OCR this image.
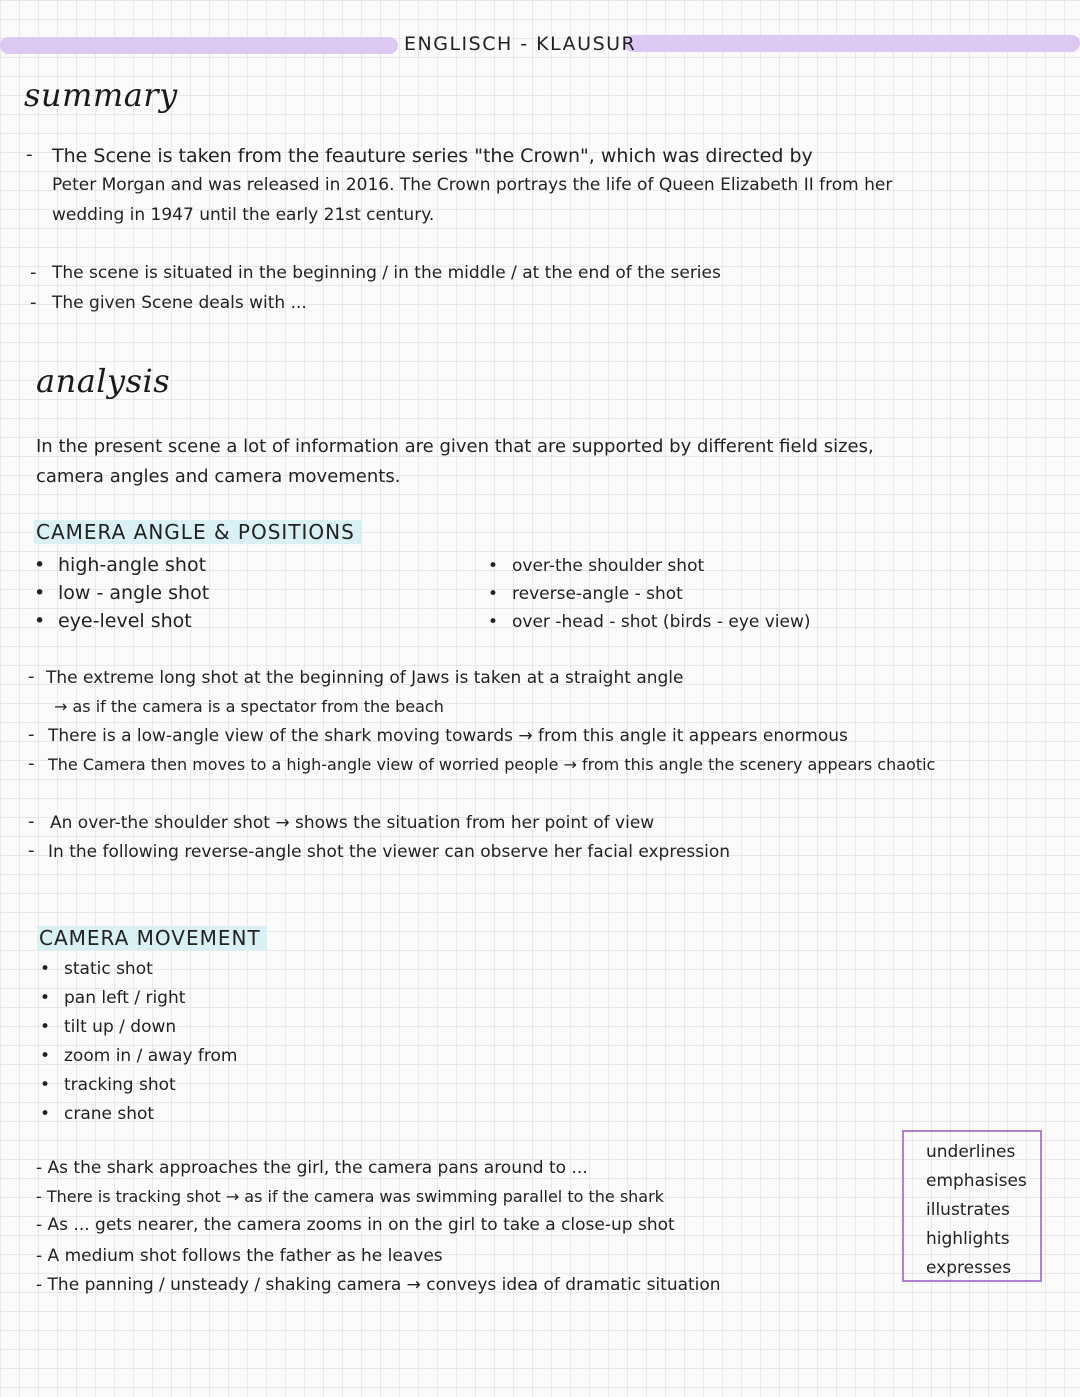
ENGLISCH - KLAUSUR
summary
- The Scene is taken from the feauture series "the Crown", which was directed by
Peter Morgan and was released in 2016. The Crown portrays the life of Queen Elizabeth II from her
wedding in 1947 until the early 21st century.
- The scene is situated in the beginning / in the middle / at the end of the series
- The given Scene deals with ...
analysis
In the present scene a lot of information are given that are supported by different field sizes,
camera angles and camera movements.
CAMERA ANGLE & POSITIONS
• high-angle shot
• low - angle shot
• eye-level shot
• over-the shoulder shot
• reverse-angle - shot
• over -head - shot (birds - eye view)
- The extreme long shot at the beginning of Jaws is taken at a straight angle
→ as if the camera is a spectator from the beach
- There is a low-angle view of the shark moving towards → from this angle it appears enormous
- The Camera then moves to a high-angle view of worried people → from this angle the scenery appears chaotic
- An over-the shoulder shot → shows the situation from her point of view
- In the following reverse-angle shot the viewer can observe her facial expression
CAMERA MOVEMENT
• static shot
• pan left / right
• tilt up / down
• zoom in / away from
• tracking shot
• crane shot
- As the shark approaches the girl, the camera pans around to ...
- There is tracking shot → as if the camera was swimming parallel to the shark
- As ... gets nearer, the camera zooms in on the girl to take a close-up shot
- A medium shot follows the father as he leaves
- The panning / unsteady / shaking camera → conveys idea of dramatic situation
underlines
emphasises
illustrates
highlights
expresses
